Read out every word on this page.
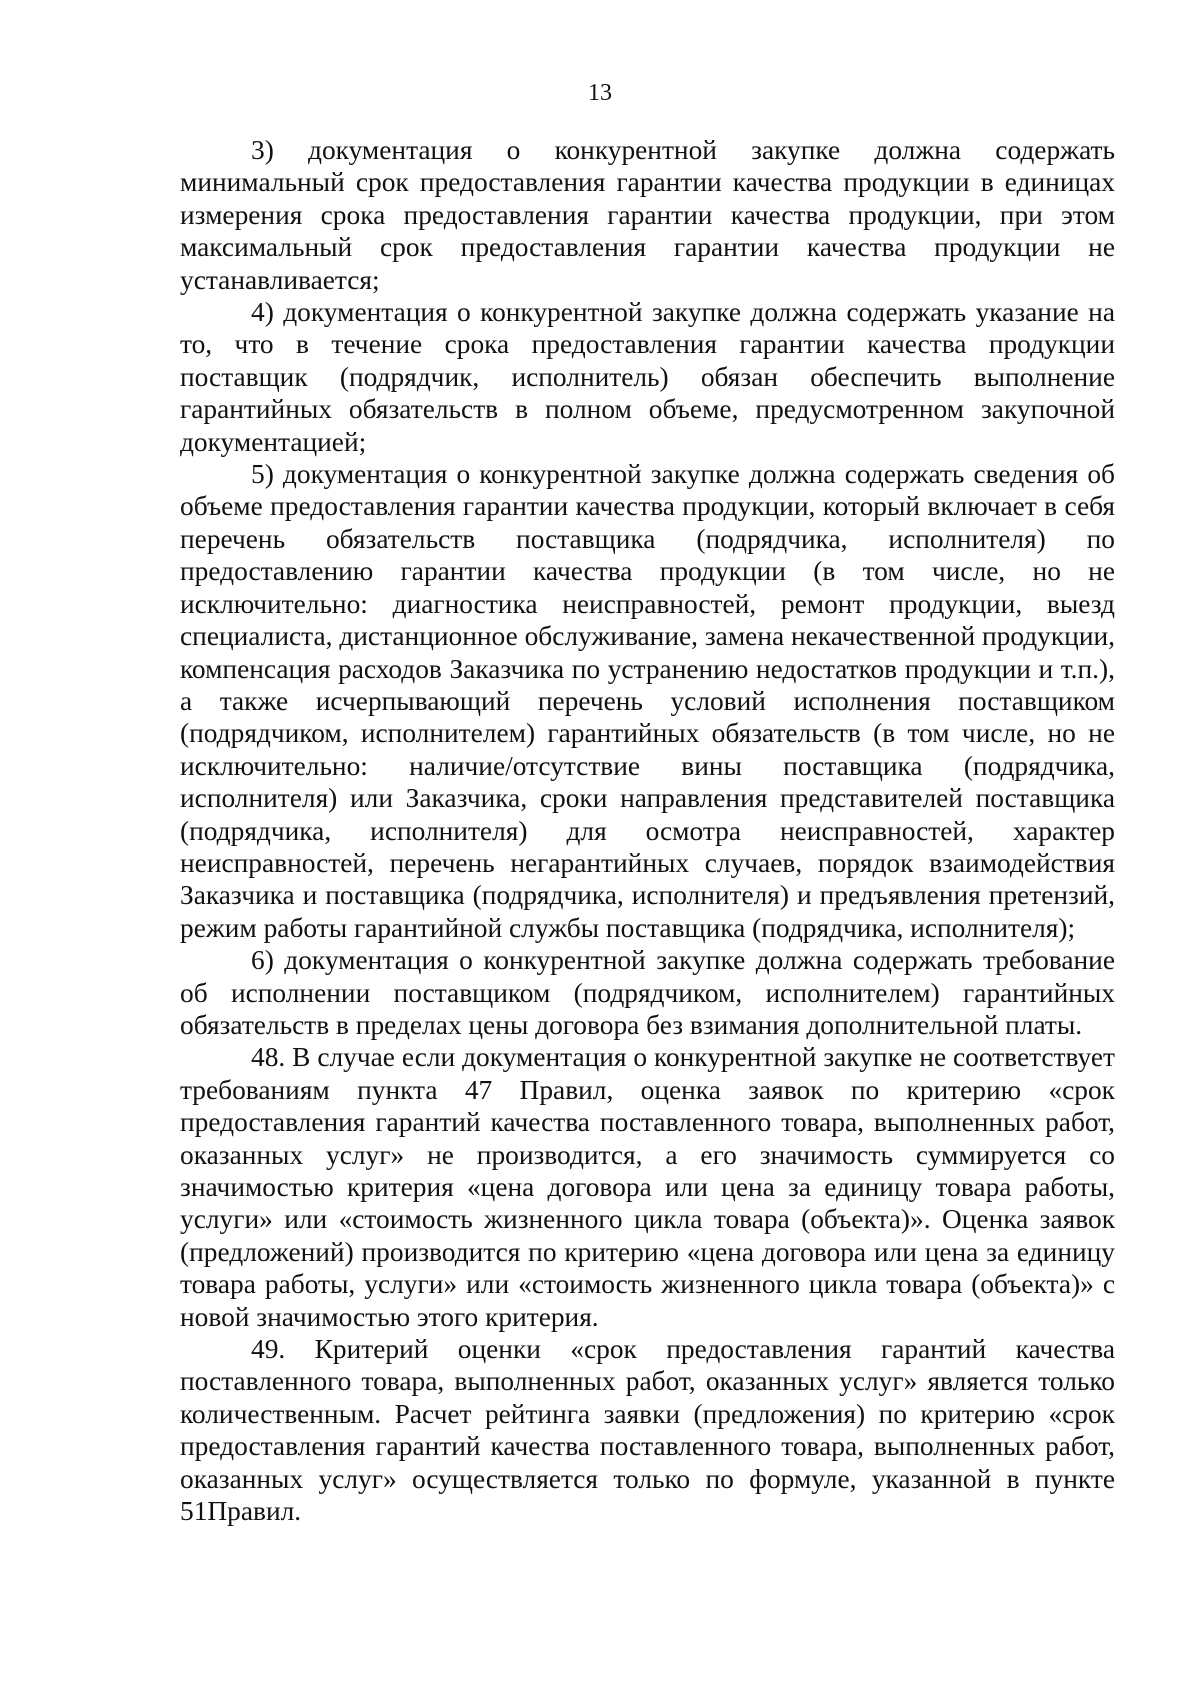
13

3) документация о конкурентной закупке должна содержать минимальный срок предоставления гарантии качества продукции в единицах измерения срока предоставления гарантии качества продукции, при этом максимальный срок предоставления гарантии качества продукции не устанавливается;

4) документация о конкурентной закупке должна содержать указание на то, что в течение срока предоставления гарантии качества продукции поставщик (подрядчик, исполнитель) обязан обеспечить выполнение гарантийных обязательств в полном объеме, предусмотренном закупочной документацией;

5) документация о конкурентной закупке должна содержать сведения об объеме предоставления гарантии качества продукции, который включает в себя перечень обязательств поставщика (подрядчика, исполнителя) по предоставлению гарантии качества продукции (в том числе, но не исключительно: диагностика неисправностей, ремонт продукции, выезд специалиста, дистанционное обслуживание, замена некачественной продукции, компенсация расходов Заказчика по устранению недостатков продукции и т.п.), а также исчерпывающий перечень условий исполнения поставщиком (подрядчиком, исполнителем) гарантийных обязательств (в том числе, но не исключительно: наличие/отсутствие вины поставщика (подрядчика, исполнителя) или Заказчика, сроки направления представителей поставщика (подрядчика, исполнителя) для осмотра неисправностей, характер неисправностей, перечень негарантийных случаев, порядок взаимодействия Заказчика и поставщика (подрядчика, исполнителя) и предъявления претензий, режим работы гарантийной службы поставщика (подрядчика, исполнителя);

6) документация о конкурентной закупке должна содержать требование об исполнении поставщиком (подрядчиком, исполнителем) гарантийных обязательств в пределах цены договора без взимания дополнительной платы.

48. В случае если документация о конкурентной закупке не соответствует требованиям пункта 47 Правил, оценка заявок по критерию «срок предоставления гарантий качества поставленного товара, выполненных работ, оказанных услуг» не производится, а его значимость суммируется со значимостью критерия «цена договора или цена за единицу товара работы, услуги» или «стоимость жизненного цикла товара (объекта)». Оценка заявок (предложений) производится по критерию «цена договора или цена за единицу товара работы, услуги» или «стоимость жизненного цикла товара (объекта)» с новой значимостью этого критерия.

49. Критерий оценки «срок предоставления гарантий качества поставленного товара, выполненных работ, оказанных услуг» является только количественным. Расчет рейтинга заявки (предложения) по критерию «срок предоставления гарантий качества поставленного товара, выполненных работ, оказанных услуг» осуществляется только по формуле, указанной в пункте 51Правил.
